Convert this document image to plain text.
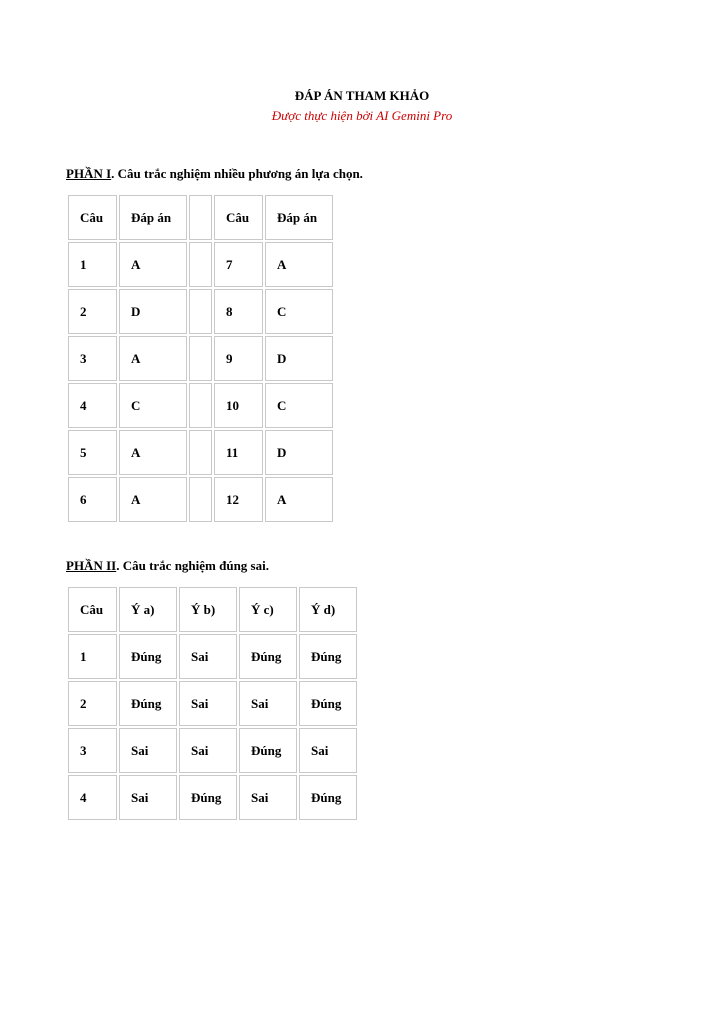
ĐÁP ÁN THAM KHẢO
Được thực hiện bởi AI Gemini Pro
PHẦN I. Câu trắc nghiệm nhiều phương án lựa chọn.
Câu	Đáp án		Câu	Đáp án
1	A		7	A
2	D		8	C
3	A		9	D
4	C		10	C
5	A		11	D
6	A		12	A
PHẦN II. Câu trắc nghiệm đúng sai.
Câu	Ý a)	Ý b)	Ý c)	Ý d)
1	Đúng	Sai	Đúng	Đúng
2	Đúng	Sai	Sai	Đúng
3	Sai	Sai	Đúng	Sai
4	Sai	Đúng	Sai	Đúng
